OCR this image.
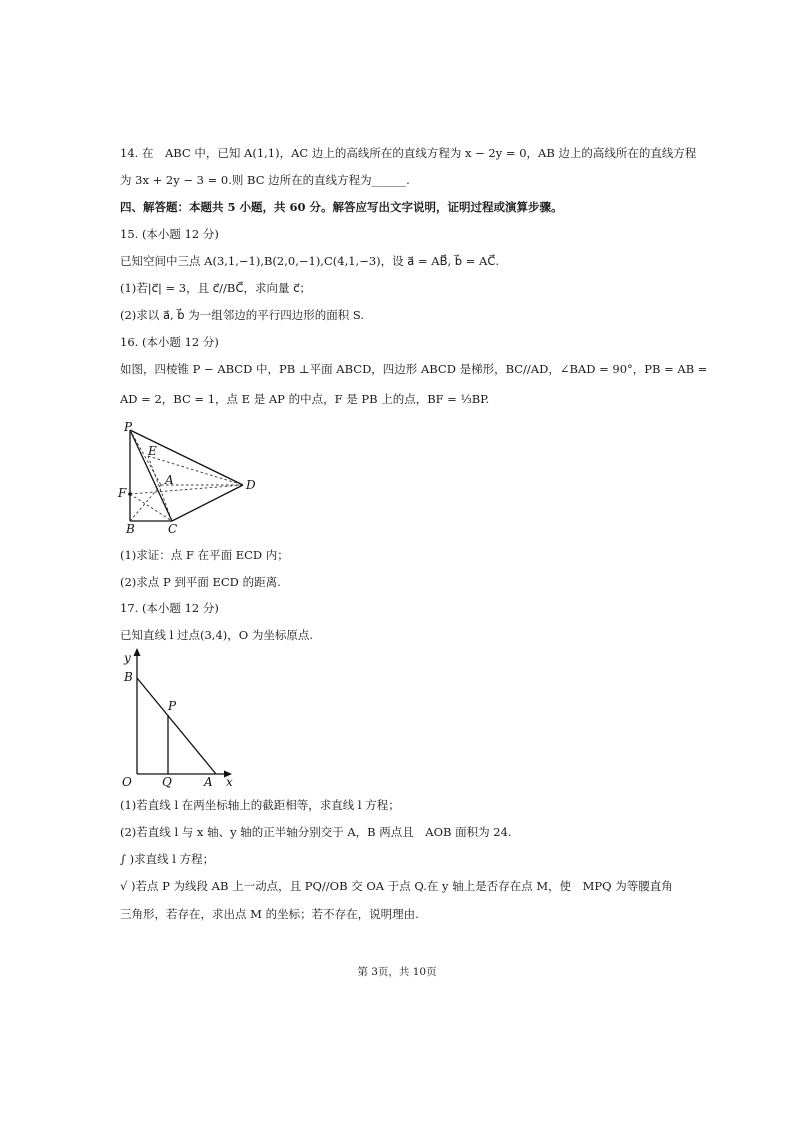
14. 在　ABC 中，已知 A(1,1)，AC 边上的高线所在的直线方程为 x − 2y = 0，AB 边上的高线所在的直线方程
为 3x + 2y − 3 = 0.则 BC 边所在的直线方程为______.
四、解答题：本题共 5 小题，共 60 分。解答应写出文字说明，证明过程或演算步骤。
15. (本小题 12 分)
已知空间中三点 A(3,1,−1),B(2,0,−1),C(4,1,−3)，设 a⃗ = AB⃗, b⃗ = AC⃗.
(1)若|c⃗| = 3，且 c⃗//BC⃗，求向量 c⃗；
(2)求以 a⃗, b⃗ 为一组邻边的平行四边形的面积 S.
16. (本小题 12 分)
如图，四棱锥 P − ABCD 中，PB ⊥平面 ABCD，四边形 ABCD 是梯形，BC//AD，∠BAD = 90°，PB = AB =
AD = 2，BC = 1，点 E 是 AP 的中点，F 是 PB 上的点，BF = ⅓BP.
P
E
A	D
F
B	C
(1)求证：点 F 在平面 ECD 内；
(2)求点 P 到平面 ECD 的距离.
17. (本小题 12 分)
已知直线 l 过点(3,4)，O 为坐标原点.
y
B
P
O	Q	A x
(1)若直线 l 在两坐标轴上的截距相等，求直线 l 方程；
(2)若直线 l 与 x 轴、y 轴的正半轴分别交于 A，B 两点且　AOB 面积为 24.
∫ )求直线 l 方程；
√ )若点 P 为线段 AB 上一动点，且 PQ//OB 交 OA 于点 Q.在 y 轴上是否存在点 M，使　MPQ 为等腰直角
三角形，若存在，求出点 M 的坐标；若不存在，说明理由.
第 3页，共 10页
